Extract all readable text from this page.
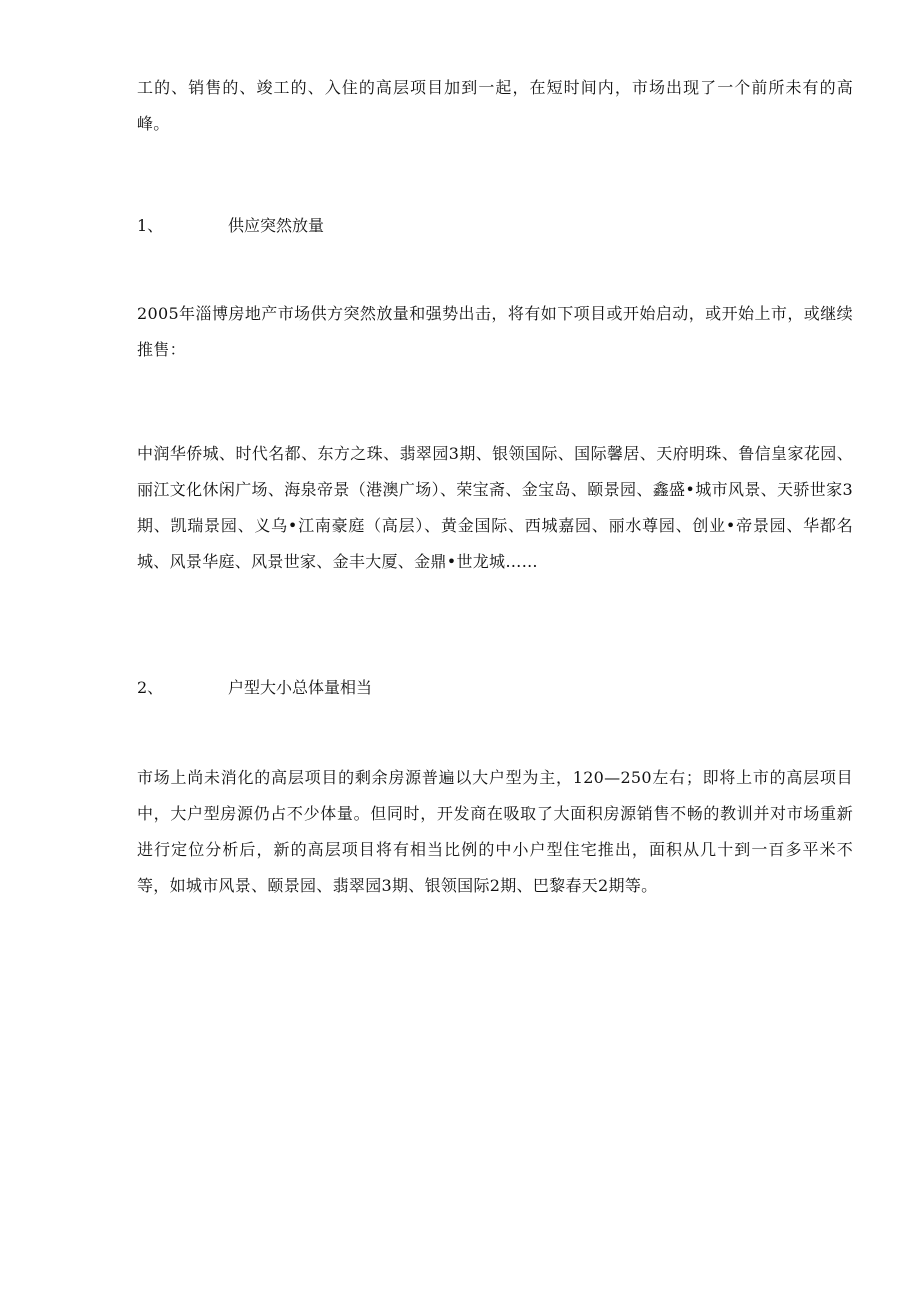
工的、销售的、竣工的、入住的高层项目加到一起，在短时间内，市场出现了一个前所未有的高峰。

1、	供应突然放量

2005年淄博房地产市场供方突然放量和强势出击，将有如下项目或开始启动，或开始上市，或继续推售：

中润华侨城、时代名都、东方之珠、翡翠园3期、银领国际、国际馨居、天府明珠、鲁信皇家花园、丽江文化休闲广场、海泉帝景（港澳广场）、荣宝斋、金宝岛、颐景园、鑫盛•城市风景、天骄世家3期、凯瑞景园、义乌•江南豪庭（高层）、黄金国际、西城嘉园、丽水尊园、创业•帝景园、华都名城、风景华庭、风景世家、金丰大厦、金鼎•世龙城……

2、	户型大小总体量相当

市场上尚未消化的高层项目的剩余房源普遍以大户型为主，120—250左右；即将上市的高层项目中，大户型房源仍占不少体量。但同时，开发商在吸取了大面积房源销售不畅的教训并对市场重新进行定位分析后，新的高层项目将有相当比例的中小户型住宅推出，面积从几十到一百多平米不等，如城市风景、颐景园、翡翠园3期、银领国际2期、巴黎春天2期等。
